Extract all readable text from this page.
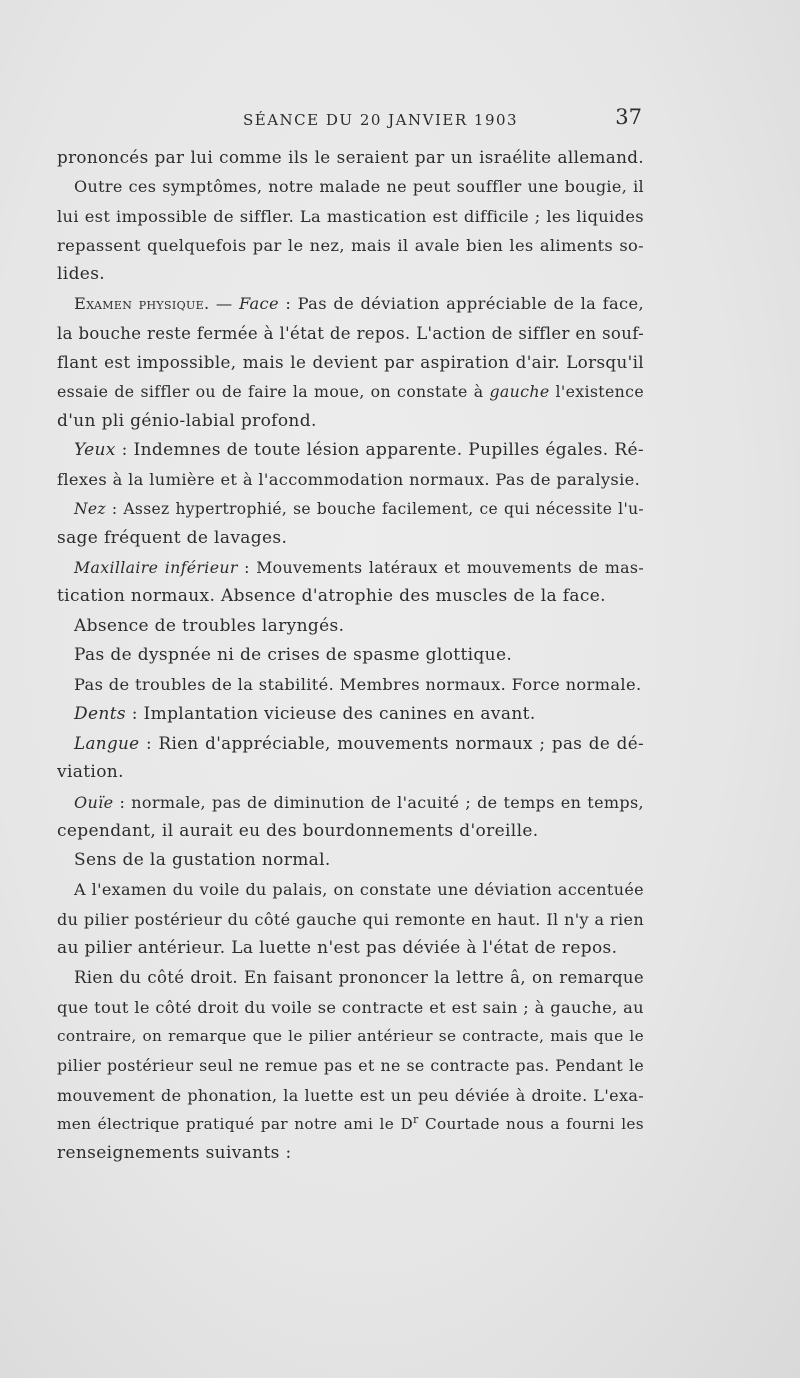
SÉANCE DU 20 JANVIER 1903	37
prononcés par lui comme ils le seraient par un israélite allemand.
Outre ces symptômes, notre malade ne peut souffler une bougie, il
lui est impossible de siffler. La mastication est difficile ; les liquides
repassent quelquefois par le nez, mais il avale bien les aliments so-
lides.
Examen physique. — Face : Pas de déviation appréciable de la face,
la bouche reste fermée à l'état de repos. L'action de siffler en souf-
flant est impossible, mais le devient par aspiration d'air. Lorsqu'il
essaie de siffler ou de faire la moue, on constate à gauche l'existence
d'un pli génio-labial profond.
Yeux : Indemnes de toute lésion apparente. Pupilles égales. Ré-
flexes à la lumière et à l'accommodation normaux. Pas de paralysie.
Nez : Assez hypertrophié, se bouche facilement, ce qui nécessite l'u-
sage fréquent de lavages.
Maxillaire inférieur : Mouvements latéraux et mouvements de mas-
tication normaux. Absence d'atrophie des muscles de la face.
Absence de troubles laryngés.
Pas de dyspnée ni de crises de spasme glottique.
Pas de troubles de la stabilité. Membres normaux. Force normale.
Dents : Implantation vicieuse des canines en avant.
Langue : Rien d'appréciable, mouvements normaux ; pas de dé-
viation.
Ouïe : normale, pas de diminution de l'acuité ; de temps en temps,
cependant, il aurait eu des bourdonnements d'oreille.
Sens de la gustation normal.
A l'examen du voile du palais, on constate une déviation accentuée
du pilier postérieur du côté gauche qui remonte en haut. Il n'y a rien
au pilier antérieur. La luette n'est pas déviée à l'état de repos.
Rien du côté droit. En faisant prononcer la lettre â, on remarque
que tout le côté droit du voile se contracte et est sain ; à gauche, au
contraire, on remarque que le pilier antérieur se contracte, mais que le
pilier postérieur seul ne remue pas et ne se contracte pas. Pendant le
mouvement de phonation, la luette est un peu déviée à droite. L'exa-
men électrique pratiqué par notre ami le $D^r$ Courtade nous a fourni les
renseignements suivants :
